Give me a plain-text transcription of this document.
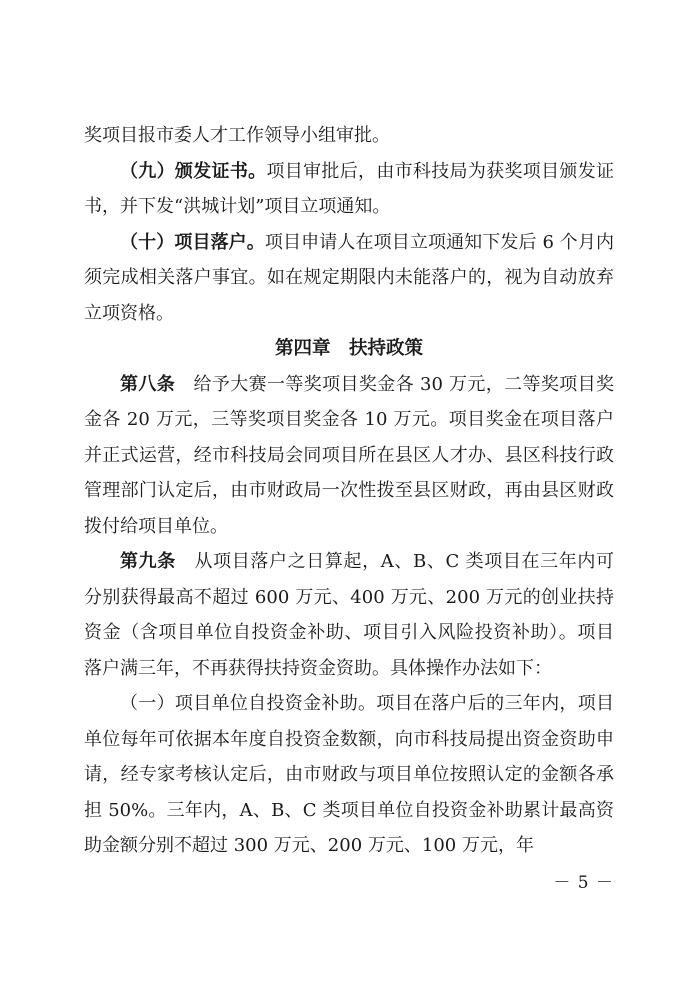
奖项目报市委人才工作领导小组审批。

（九）颁发证书。项目审批后，由市科技局为获奖项目颁发证书，并下发“洪城计划”项目立项通知。

（十）项目落户。项目申请人在项目立项通知下发后 6 个月内须完成相关落户事宜。如在规定期限内未能落户的，视为自动放弃立项资格。

第四章　扶持政策

第八条　给予大赛一等奖项目奖金各 30 万元，二等奖项目奖金各 20 万元，三等奖项目奖金各 10 万元。项目奖金在项目落户并正式运营，经市科技局会同项目所在县区人才办、县区科技行政管理部门认定后，由市财政局一次性拨至县区财政，再由县区财政拨付给项目单位。

第九条　从项目落户之日算起，A、B、C 类项目在三年内可分别获得最高不超过 600 万元、400 万元、200 万元的创业扶持资金（含项目单位自投资金补助、项目引入风险投资补助）。项目落户满三年，不再获得扶持资金资助。具体操作办法如下：

（一）项目单位自投资金补助。项目在落户后的三年内，项目单位每年可依据本年度自投资金数额，向市科技局提出资金资助申请，经专家考核认定后，由市财政与项目单位按照认定的金额各承担 50%。三年内，A、B、C 类项目单位自投资金补助累计最高资助金额分别不超过 300 万元、200 万元、100 万元，年

－ 5 －
